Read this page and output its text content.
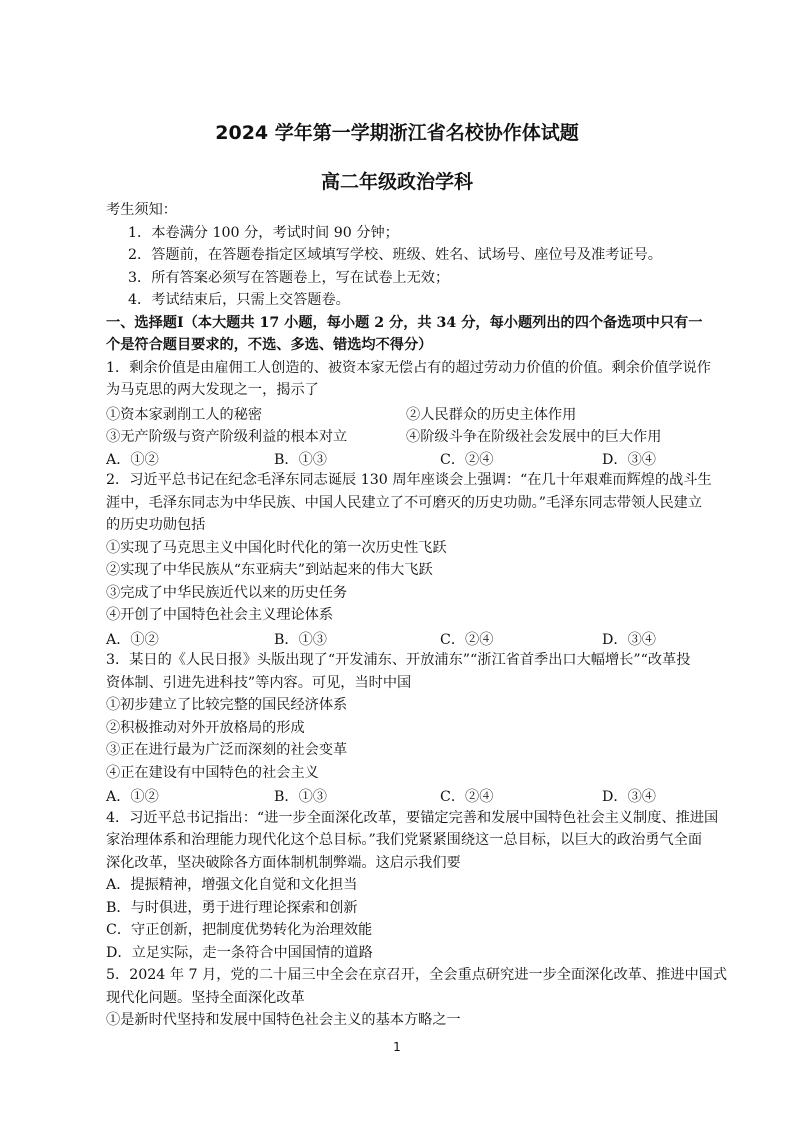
2024 学年第一学期浙江省名校协作体试题
高二年级政治学科
考生须知：
1．本卷满分 100 分，考试时间 90 分钟；
2．答题前，在答题卷指定区域填写学校、班级、姓名、试场号、座位号及准考证号。
3．所有答案必须写在答题卷上，写在试卷上无效；
4．考试结束后，只需上交答题卷。
一、选择题Ⅰ（本大题共 17 小题，每小题 2 分，共 34 分，每小题列出的四个备选项中只有一
个是符合题目要求的，不选、多选、错选均不得分）
1．剩余价值是由雇佣工人创造的、被资本家无偿占有的超过劳动力价值的价值。剩余价值学说作
为马克思的两大发现之一，揭示了
①资本家剥削工人的秘密	②人民群众的历史主体作用
③无产阶级与资产阶级利益的根本对立	④阶级斗争在阶级社会发展中的巨大作用
A．①②	B．①③	C．②④	D．③④
2．习近平总书记在纪念毛泽东同志诞辰 130 周年座谈会上强调：“在几十年艰难而辉煌的战斗生
涯中，毛泽东同志为中华民族、中国人民建立了不可磨灭的历史功勋。”毛泽东同志带领人民建立
的历史功勋包括
①实现了马克思主义中国化时代化的第一次历史性飞跃
②实现了中华民族从“东亚病夫”到站起来的伟大飞跃
③完成了中华民族近代以来的历史任务
④开创了中国特色社会主义理论体系
A．①②	B．①③	C．②④	D．③④
3．某日的《人民日报》头版出现了“开发浦东、开放浦东”“浙江省首季出口大幅增长”“改革投
资体制、引进先进科技”等内容。可见，当时中国
①初步建立了比较完整的国民经济体系
②积极推动对外开放格局的形成
③正在进行最为广泛而深刻的社会变革
④正在建设有中国特色的社会主义
A．①②	B．①③	C．②④	D．③④
4．习近平总书记指出：“进一步全面深化改革，要锚定完善和发展中国特色社会主义制度、推进国
家治理体系和治理能力现代化这个总目标。”我们党紧紧围绕这一总目标，以巨大的政治勇气全面
深化改革，坚决破除各方面体制机制弊端。这启示我们要
A．提振精神，增强文化自觉和文化担当
B．与时俱进，勇于进行理论探索和创新
C．守正创新，把制度优势转化为治理效能
D．立足实际，走一条符合中国国情的道路
5．2024 年 7 月，党的二十届三中全会在京召开，全会重点研究进一步全面深化改革、推进中国式
现代化问题。坚持全面深化改革
①是新时代坚持和发展中国特色社会主义的基本方略之一
1
